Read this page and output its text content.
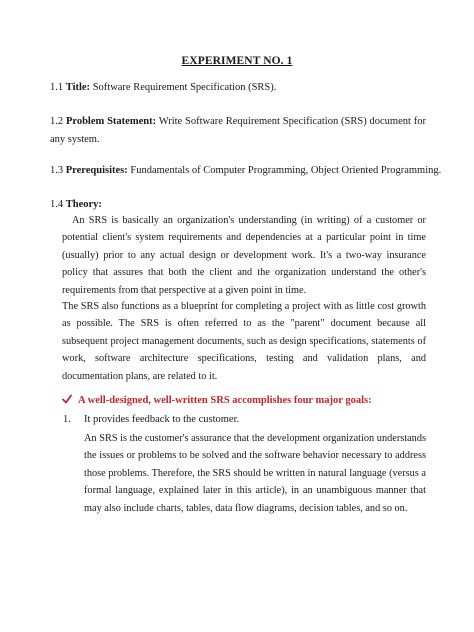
EXPERIMENT NO. 1
1.1 Title: Software Requirement Specification (SRS).
1.2 Problem Statement: Write Software Requirement Specification (SRS) document for any system.
1.3 Prerequisites: Fundamentals of Computer Programming, Object Oriented Programming.
1.4 Theory:
An SRS is basically an organization's understanding (in writing) of a customer or potential client's system requirements and dependencies at a particular point in time (usually) prior to any actual design or development work. It's a two-way insurance policy that assures that both the client and the organization understand the other's requirements from that perspective at a given point in time.
The SRS also functions as a blueprint for completing a project with as little cost growth as possible. The SRS is often referred to as the "parent" document because all subsequent project management documents, such as design specifications, statements of work, software architecture specifications, testing and validation plans, and documentation plans, are related to it.
A well-designed, well-written SRS accomplishes four major goals:
1. It provides feedback to the customer.
An SRS is the customer's assurance that the development organization understands the issues or problems to be solved and the software behavior necessary to address those problems. Therefore, the SRS should be written in natural language (versus a formal language, explained later in this article), in an unambiguous manner that may also include charts, tables, data flow diagrams, decision tables, and so on.
